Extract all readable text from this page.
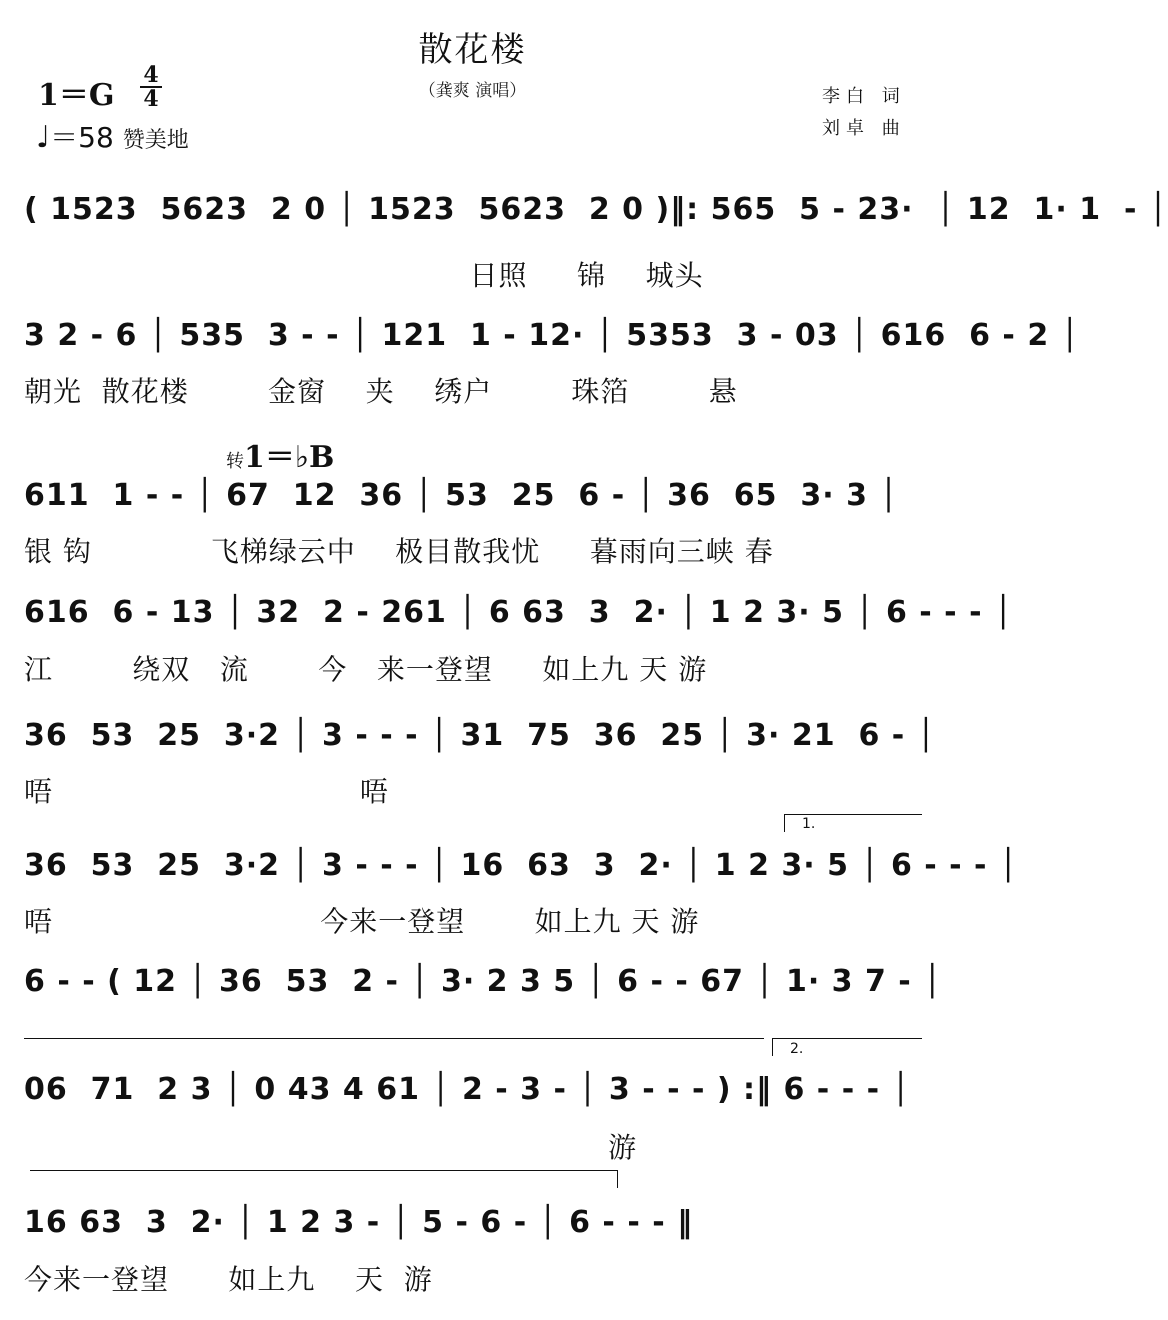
散花楼
（龚爽 演唱）
1＝G
4
4
♩＝58 赞美地
李白 词
刘卓 曲
转1＝♭B
( 1523  5623  2 0 │ 1523  5623  2 0 )‖: 565  5 - 23·  │ 12  1· 1  - │
日照     锦    城头
3 2 - 6 │ 535  3 - - │ 121  1 - 12· │ 5353  3 - 03 │ 616  6 - 2 │
朝光  散花楼        金窗    夹    绣户        珠箔        悬
611  1 - - │ 67  12  36 │ 53  25  6 - │ 36  65  3· 3 │
银 钩            飞梯绿云中    极目散我忧     暮雨向三峡 春
616  6 - 13 │ 32  2 - 261 │ 6 63  3  2· │ 1 2 3· 5 │ 6 - - - │
江        绕双   流       今   来一登望     如上九 天 游
36  53  25  3·2 │ 3 - - - │ 31  75  36  25 │ 3· 21  6 - │
唔                               唔
36  53  25  3·2 │ 3 - - - │ 16  63  3  2· │ 1 2 3· 5 │ 6 - - - │
唔                           今来一登望       如上九 天 游
6 - - ( 12 │ 36  53  2 - │ 3· 2 3 5 │ 6 - - 67 │ 1· 3 7 - │
06  71  2 3 │ 0 43 4 61 │ 2 - 3 - │ 3 - - - ) :‖ 6 - - - │
游
16 63  3  2· │ 1 2 3 - │ 5 - 6 - │ 6 - - - ‖
今来一登望      如上九    天  游
1.
2.
